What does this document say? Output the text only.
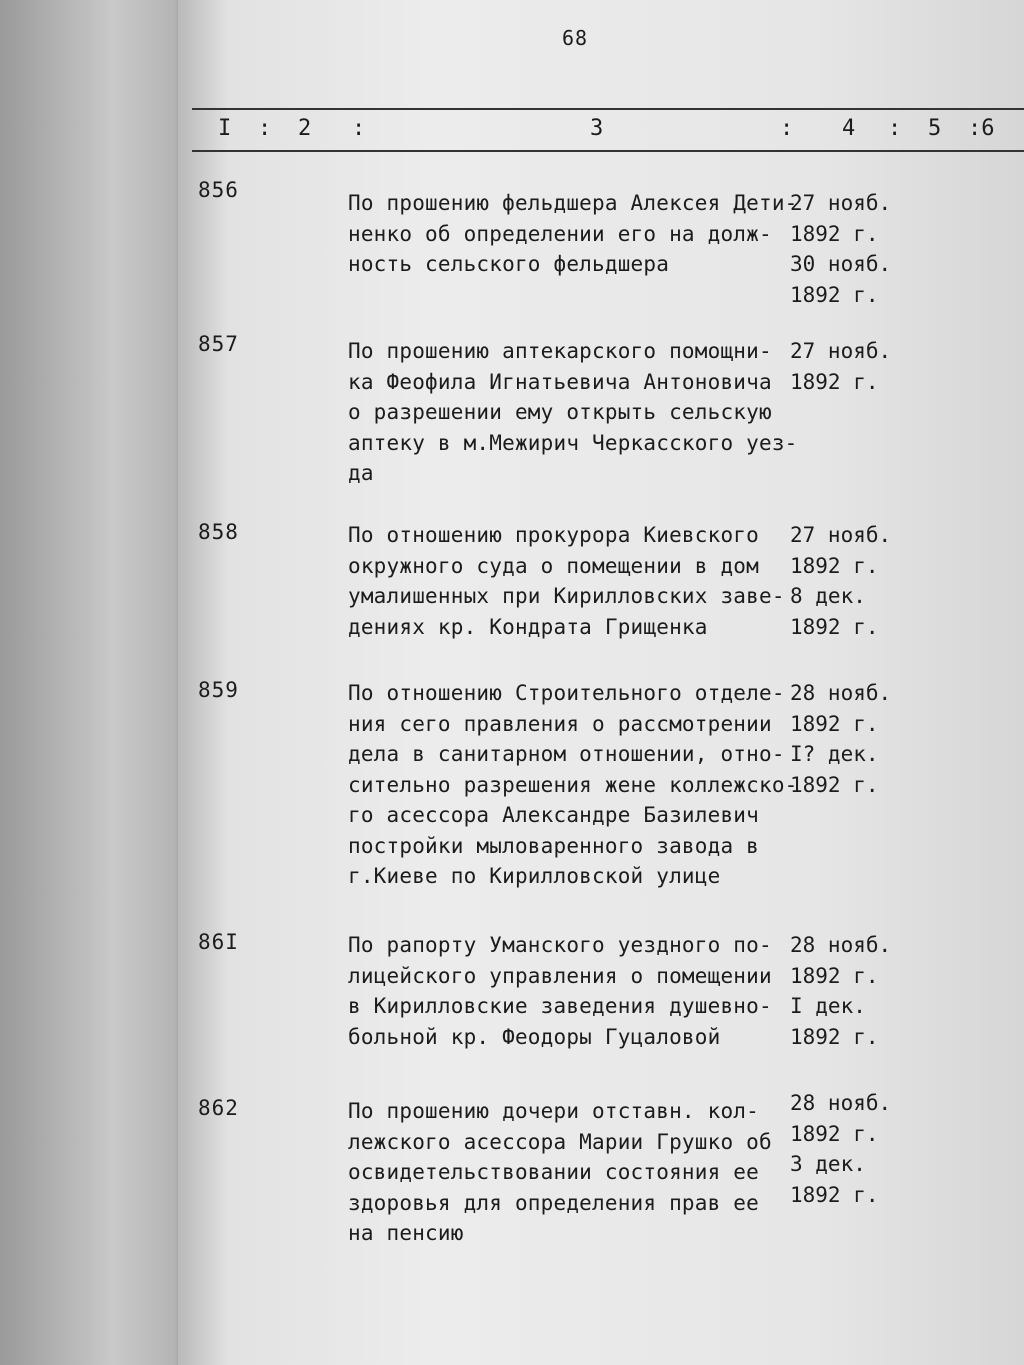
68
I : 2 :	3	: 4 : 5 :6
856
По прошению фельдшера Алексея Дети-
ненко об определении его на долж-
ность сельского фельдшера
27 нояб.
1892 г.
30 нояб.
1892 г.
857	По прошению аптекарского помощни-
ка Феофила Игнатьевича Антоновича
о разрешении ему открыть сельскую
аптеку в м.Межирич Черкасского уез-
да
27 нояб.
1892 г.
858	По отношению прокурора Киевского
окружного суда о помещении в дом
умалишенных при Кирилловских заве-
дениях кр. Кондрата Грищенка
27 нояб.
1892 г.
8 дек.
1892 г.
859	По отношению Строительного отделе-
ния сего правления о рассмотрении
дела в санитарном отношении, отно-
сительно разрешения жене коллежско-
го асессора Александре Базилевич
постройки мыловаренного завода в
г.Киеве по Кирилловской улице
28 нояб.
1892 г.
I? дек.
1892 г.
86I	По рапорту Уманского уездного по-
лицейского управления о помещении
в Кирилловские заведения душевно-
больной кр. Феодоры Гуцаловой
28 нояб.
1892 г.
I дек.
1892 г.
862	По прошению дочери отставн. кол-
лежского асессора Марии Грушко об
освидетельствовании состояния ее
здоровья для определения прав ее
на пенсию
28 нояб.
1892 г.
3 дек.
1892 г.
